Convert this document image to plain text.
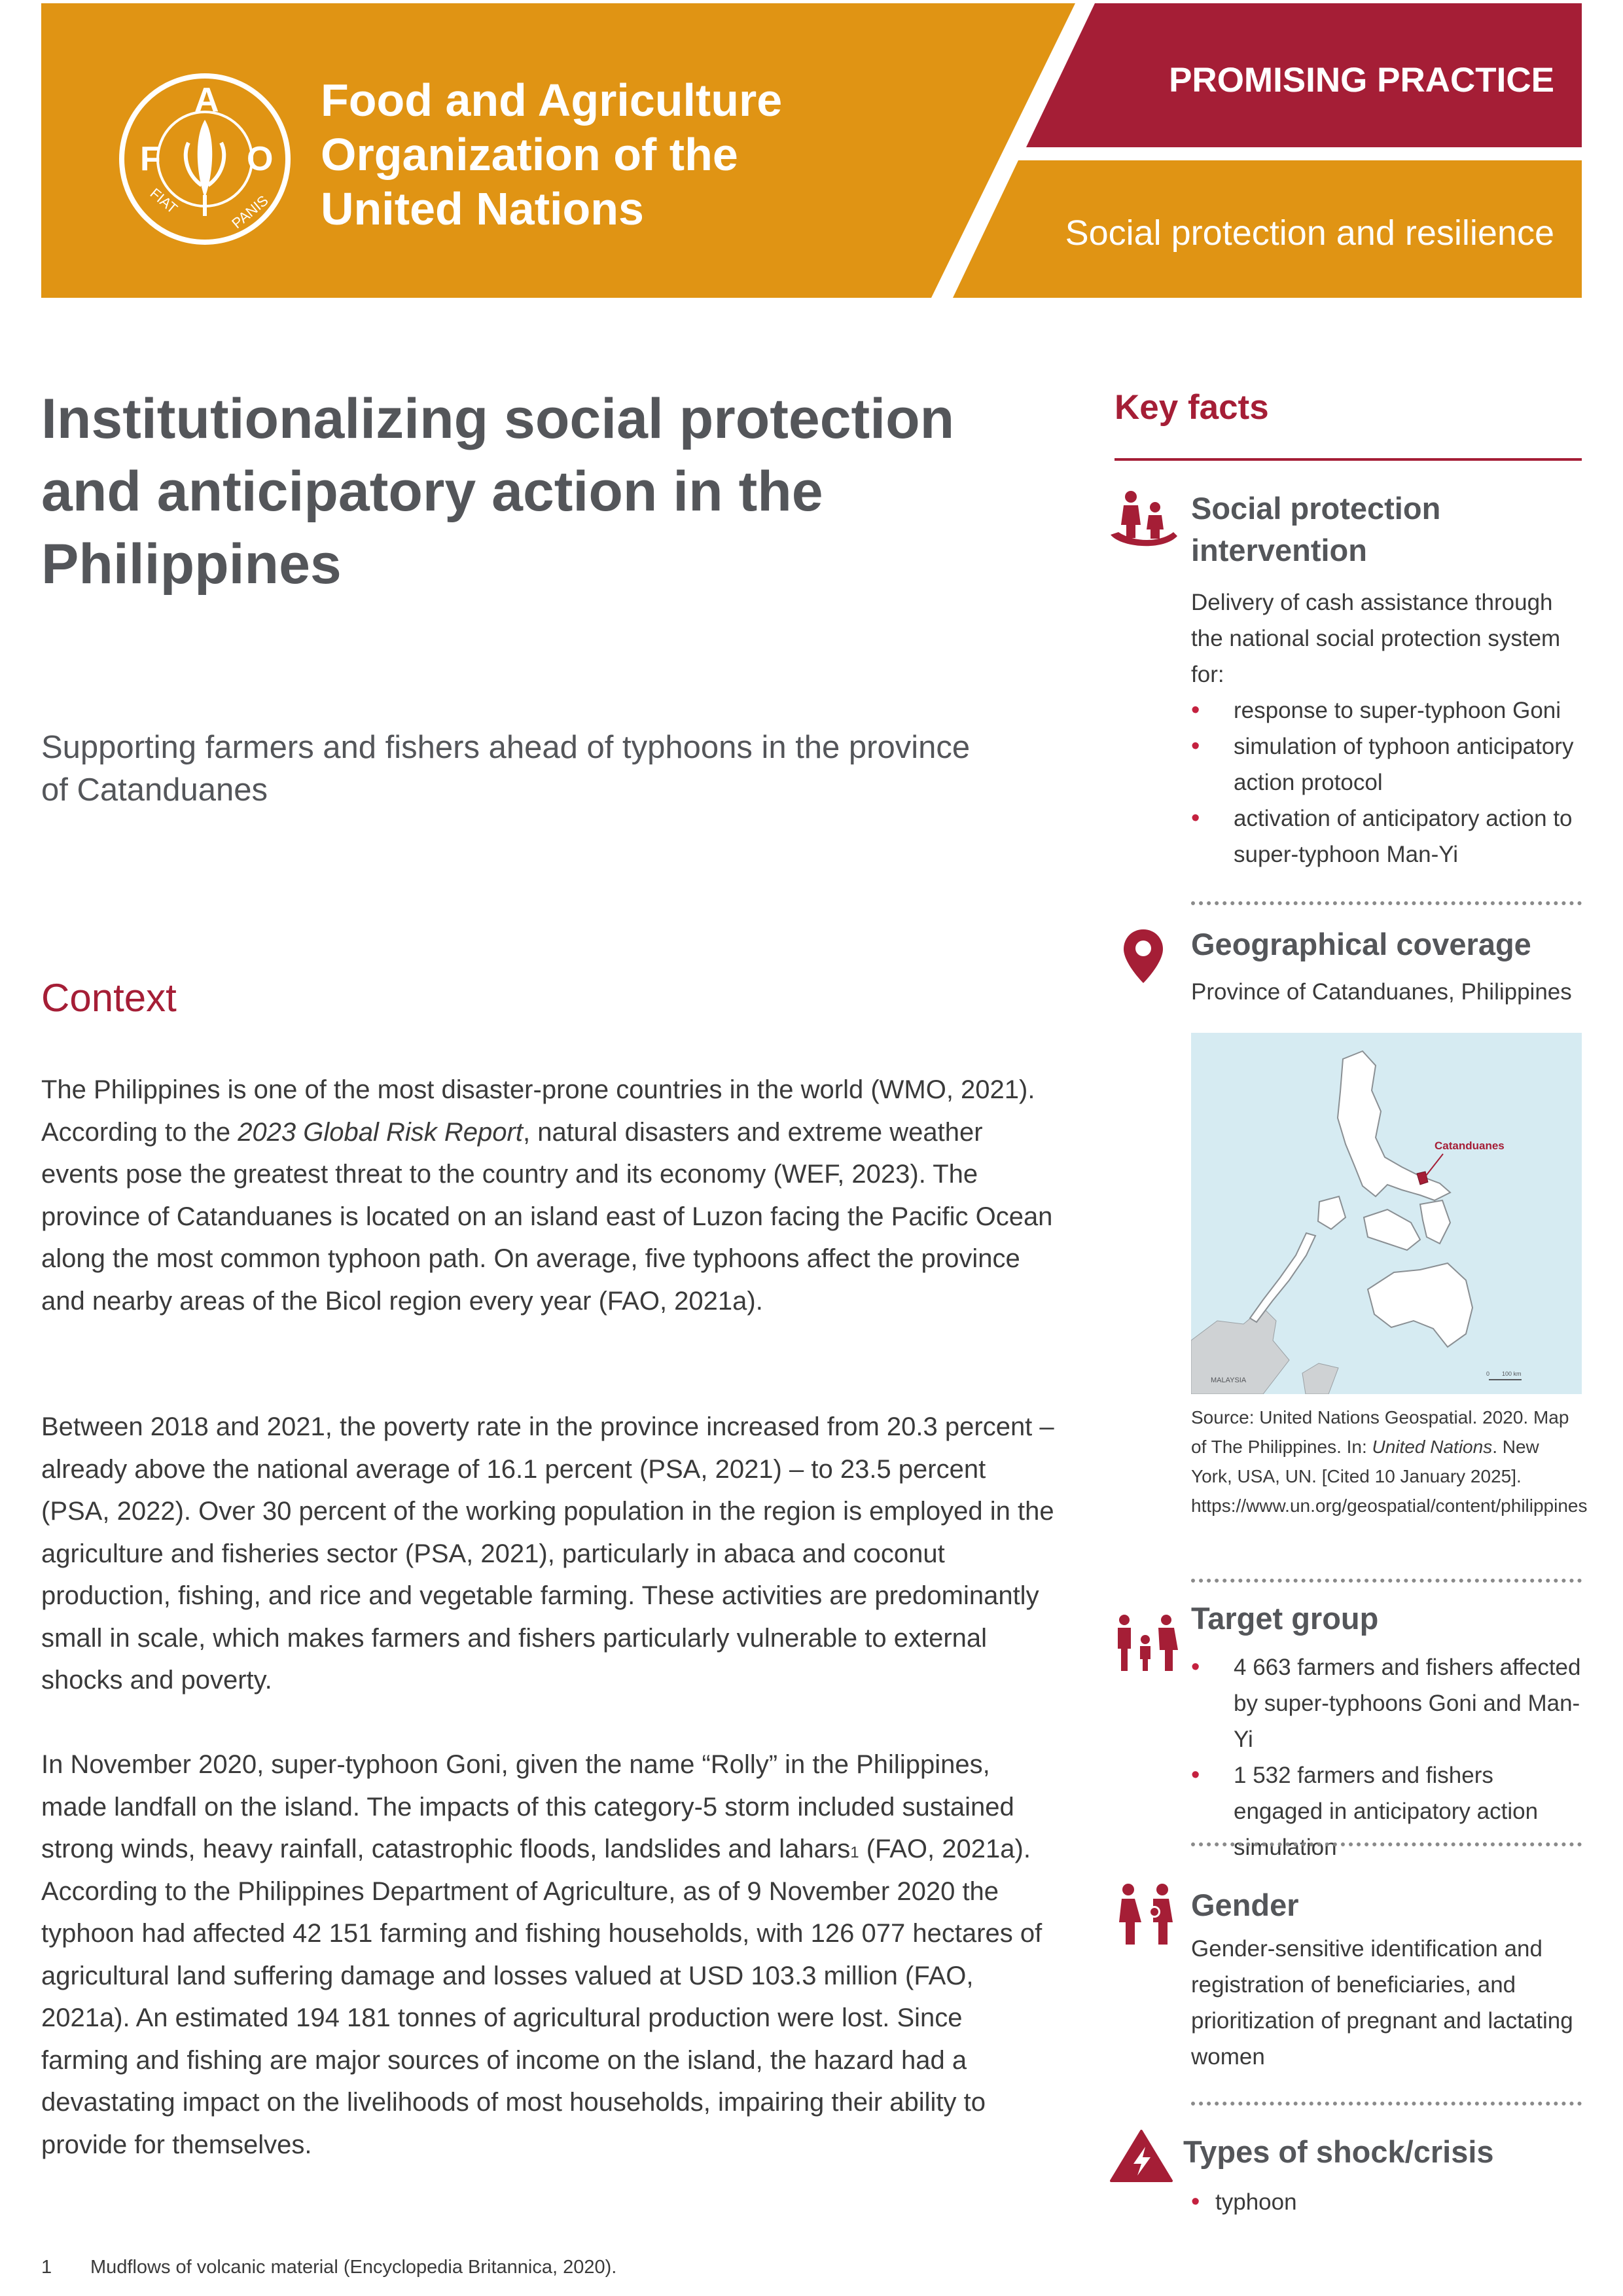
F
A
O
FIAT	PANIS
Food and Agriculture
Organization of the
United Nations
PROMISING PRACTICE
Social protection and resilience
Institutionalizing social protection and anticipatory action in the Philippines

Supporting farmers and fishers ahead of typhoons in the province of Catanduanes

Context

The Philippines is one of the most disaster-prone countries in the world (WMO, 2021). According to the 2023 Global Risk Report, natural disasters and extreme weather events pose the greatest threat to the country and its economy (WEF, 2023). The province of Catanduanes is located on an island east of Luzon facing the Pacific Ocean along the most common typhoon path. On average, five typhoons affect the province and nearby areas of the Bicol region every year (FAO, 2021a).

Between 2018 and 2021, the poverty rate in the province increased from 20.3 percent – already above the national average of 16.1 percent (PSA, 2021) – to 23.5 percent (PSA, 2022). Over 30 percent of the working population in the region is employed in the agriculture and fisheries sector (PSA, 2021), particularly in abaca and coconut production, fishing, and rice and vegetable farming. These activities are predominantly small in scale, which makes farmers and fishers particularly vulnerable to external shocks and poverty.

In November 2020, super-typhoon Goni, given the name “Rolly” in the Philippines, made landfall on the island. The impacts of this category-5 storm included sustained strong winds, heavy rainfall, catastrophic floods, landslides and lahars$^1$ (FAO, 2021a). According to the Philippines Department of Agriculture, as of 9 November 2020 the typhoon had affected 42 151 farming and fishing households, with 126 077 hectares of agricultural land suffering damage and losses valued at USD 103.3 million (FAO, 2021a). An estimated 194 181 tonnes of agricultural production were lost. Since farming and fishing are major sources of income on the island, the hazard had a devastating impact on the livelihoods of most households, impairing their ability to provide for themselves.

Key facts
Social protection intervention

Delivery of cash assistance through the national social protection system for:

• response to super-typhoon Goni
• simulation of typhoon anticipatory action protocol
• activation of anticipatory action to super-typhoon Man-Yi
Geographical coverage

Province of Catanduanes, Philippines

Catanduanes
MALAYSIA
0 100 km

Source: United Nations Geospatial. 2020. Map of The Philippines. In: United Nations. New York, USA, UN. [Cited 10 January 2025]. https://www.un.org/geospatial/content/philippines

Target group
• 4 663 farmers and fishers affected by super-typhoons Goni and Man-Yi
• 1 532 farmers and fishers engaged in anticipatory action simulation
Gender

Gender-sensitive identification and registration of beneficiaries, and prioritization of pregnant and lactating women

Types of shock/crisis
• typhoon

1 Mudflows of volcanic material (Encyclopedia Britannica, 2020).
